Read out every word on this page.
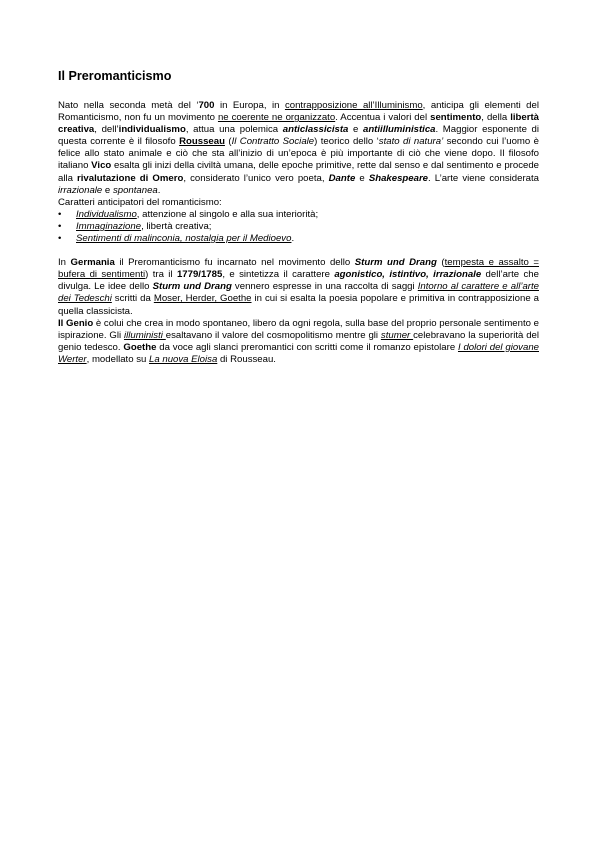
Il Preromanticismo

Nato nella seconda metà del ‘700 in Europa, in contrapposizione all’Illuminismo, anticipa gli elementi del Romanticismo, non fu un movimento ne coerente ne organizzato. Accentua i valori del sentimento, della libertà creativa, dell’individualismo, attua una polemica anticlassicista e antiilluministica. Maggior esponente di questa corrente è il filosofo Rousseau (Il Contratto Sociale) teorico dello ‘stato di natura’ secondo cui l’uomo è felice allo stato animale e ciò che sta all’inizio di un’epoca è più importante di ciò che viene dopo. Il filosofo italiano Vico esalta gli inizi della civiltà umana, delle epoche primitive, rette dal senso e dal sentimento e procede alla rivalutazione di Omero, considerato l’unico vero poeta, Dante e Shakespeare. L’arte viene considerata irrazionale e spontanea.

Caratteri anticipatori del romanticismo:

• Individualismo, attenzione al singolo e alla sua interiorità;
• Immaginazione, libertà creativa;
• Sentimenti di malinconia, nostalgia per il Medioevo.

In Germania il Preromanticismo fu incarnato nel movimento dello Sturm und Drang (tempesta e assalto = bufera di sentimenti) tra il 1779/1785, e sintetizza il carattere agonistico, istintivo, irrazionale dell’arte che divulga. Le idee dello Sturm und Drang vennero espresse in una raccolta di saggi Intorno al carattere e all’arte dei Tedeschi scritti da Moser, Herder, Goethe in cui si esalta la poesia popolare e primitiva in contrapposizione a quella classicista.

Il Genio è colui che crea in modo spontaneo, libero da ogni regola, sulla base del proprio personale sentimento e ispirazione. Gli illuministi esaltavano il valore del cosmopolitismo mentre gli stumer celebravano la superiorità del genio tedesco. Goethe da voce agli slanci preromantici con scritti come il romanzo epistolare I dolori del giovane Werter, modellato su La nuova Eloisa di Rousseau.
